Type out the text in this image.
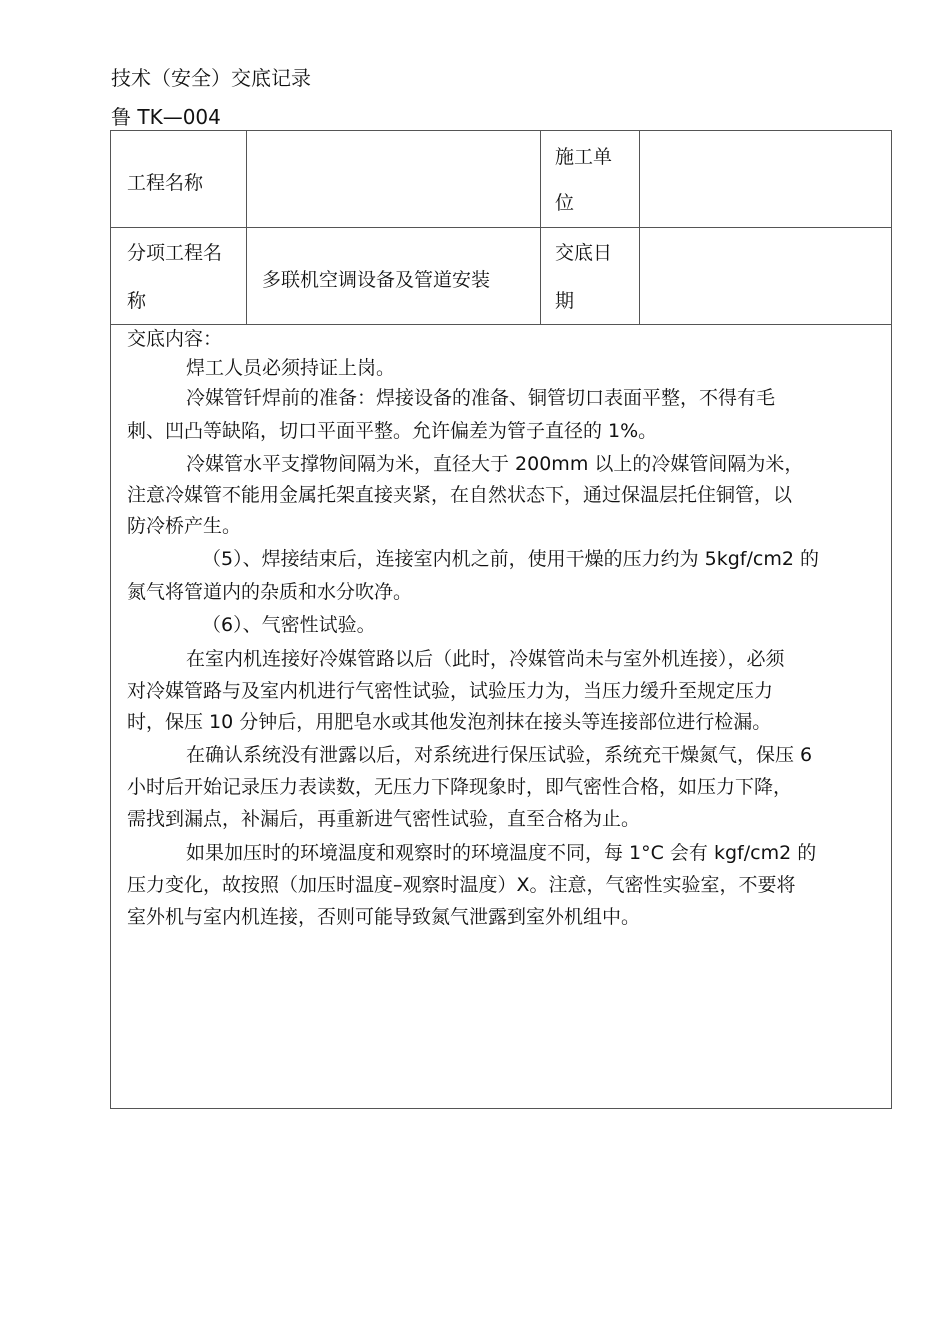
技术（安全）交底记录
鲁 TK—004
工程名称
施工单
位
分项工程名
称
多联机空调设备及管道安装
交底日
期
交底内容：
焊工人员必须持证上岗。
冷媒管钎焊前的准备：焊接设备的准备、铜管切口表面平整，不得有毛
刺、凹凸等缺陷，切口平面平整。允许偏差为管子直径的 1%。
冷媒管水平支撑物间隔为米，直径大于 200mm 以上的冷媒管间隔为米，
注意冷媒管不能用金属托架直接夹紧，在自然状态下，通过保温层托住铜管，以
防冷桥产生。
（5）、焊接结束后，连接室内机之前，使用干燥的压力约为 5kgf/cm2 的
氮气将管道内的杂质和水分吹净。
（6）、气密性试验。
在室内机连接好冷媒管路以后（此时，冷媒管尚未与室外机连接），必须
对冷媒管路与及室内机进行气密性试验，试验压力为，当压力缓升至规定压力
时，保压 10 分钟后，用肥皂水或其他发泡剂抹在接头等连接部位进行检漏。
在确认系统没有泄露以后，对系统进行保压试验，系统充干燥氮气，保压 6
小时后开始记录压力表读数，无压力下降现象时，即气密性合格，如压力下降，
需找到漏点，补漏后，再重新进气密性试验，直至合格为止。
如果加压时的环境温度和观察时的环境温度不同，每 1°C 会有 kgf/cm2 的
压力变化，故按照（加压时温度–观察时温度）X。注意，气密性实验室，不要将
室外机与室内机连接，否则可能导致氮气泄露到室外机组中。
